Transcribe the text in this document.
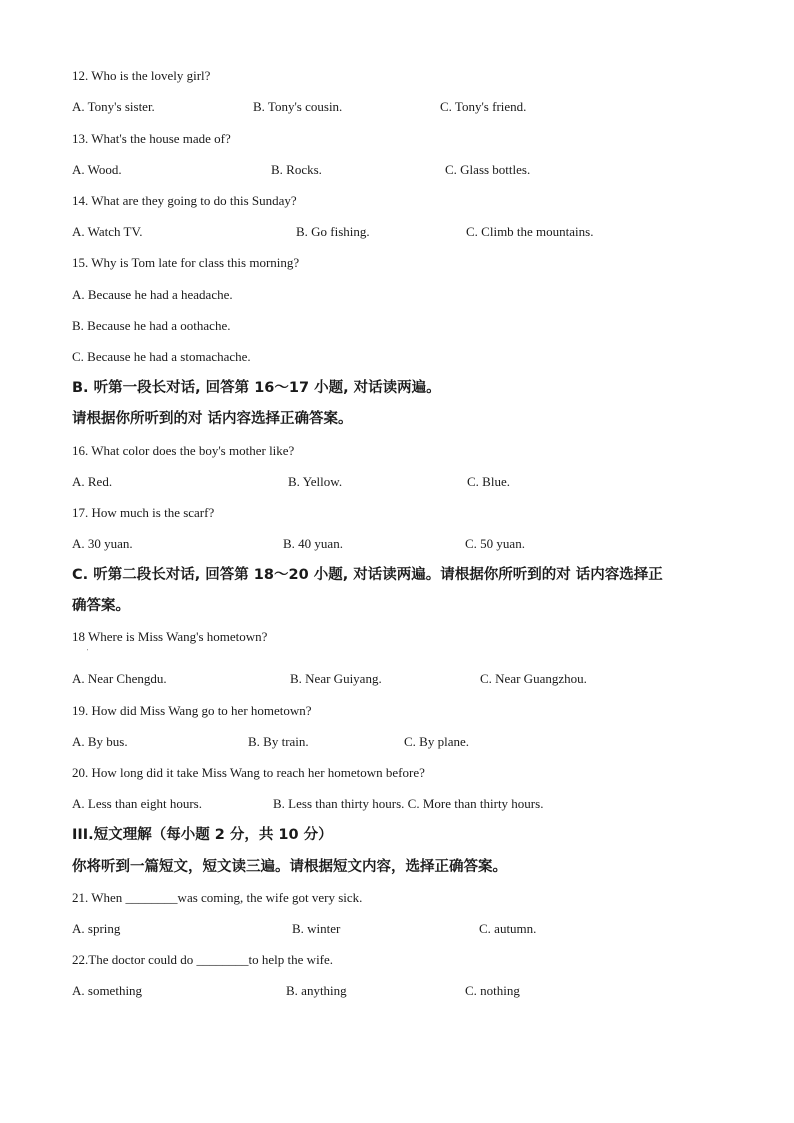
12. Who is the lovely girl?
A. Tony's sister.	B. Tony's cousin.	C. Tony's friend.
13. What's the house made of?
A. Wood.	B. Rocks.	C. Glass bottles.
14. What are they going to do this Sunday?
A. Watch TV.	B. Go fishing.	C. Climb the mountains.
15. Why is Tom late for class this morning?
A. Because he had a headache.
B. Because he had a oothache.
C. Because he had a stomachache.
B. 听第一段长对话, 回答第 16～17 小题, 对话读两遍。
请根据你所听到的对 话内容选择正确答案。
16. What color does the boy's mother like?
A. Red.	B. Yellow.	C. Blue.
17. How much is the scarf?
A. 30 yuan.	B. 40 yuan.	C. 50 yuan.
C. 听第二段长对话, 回答第 18～20 小题, 对话读两遍。请根据你所听到的对 话内容选择正
确答案。
18 Where is Miss Wang's hometown?
'
A. Near Chengdu.	B. Near Guiyang.	C. Near Guangzhou.
19. How did Miss Wang go to her hometown?
A. By bus.	B. By train.	C. By plane.
20. How long did it take Miss Wang to reach her hometown before?
A. Less than eight hours.	B. Less than thirty hours. C. More than thirty hours.
III.短文理解（每小题 2 分，共 10 分）
你将听到一篇短文，短文读三遍。请根据短文内容，选择正确答案。
21. When ________was coming, the wife got very sick.
A. spring	B. winter	C. autumn.
22.The doctor could do ________to help the wife.
A. something	B. anything	C. nothing
